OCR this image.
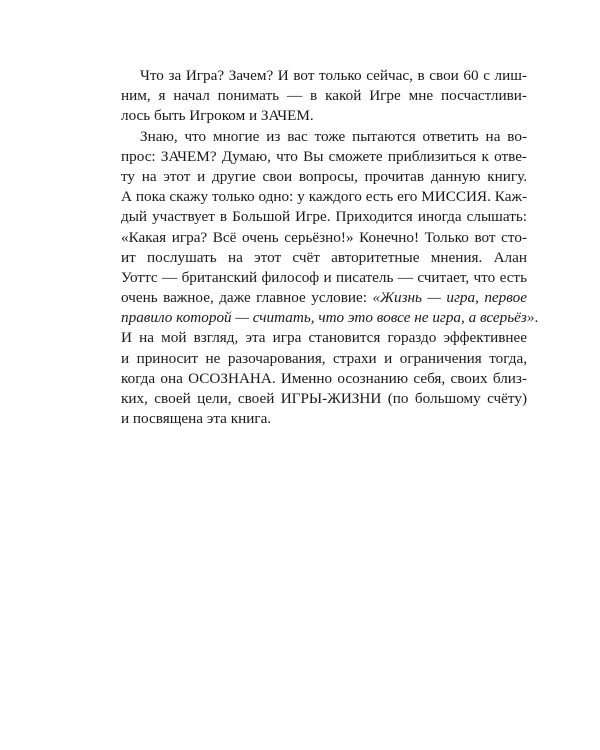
Что за Игра? Зачем? И вот только сейчас, в свои 60 с лиш-
ним, я начал понимать — в какой Игре мне посчастливи-
лось быть Игроком и ЗАЧЕМ.
Знаю, что многие из вас тоже пытаются ответить на во-
прос: ЗАЧЕМ? Думаю, что Вы сможете приблизиться к отве-
ту на этот и другие свои вопросы, прочитав данную книгу.
А пока скажу только одно: у каждого есть его МИССИЯ. Каж-
дый участвует в Большой Игре. Приходится иногда слышать:
«Какая игра? Всё очень серьёзно!» Конечно! Только вот сто-
ит послушать на этот счёт авторитетные мнения. Алан
Уоттс — британский философ и писатель — считает, что есть
очень важное, даже главное условие: «Жизнь — игра, первое
правило которой — считать, что это вовсе не игра, а всерьёз».
И на мой взгляд, эта игра становится гораздо эффективнее
и приносит не разочарования, страхи и ограничения тогда,
когда она ОСОЗНАНА. Именно осознанию себя, своих близ-
ких, своей цели, своей ИГРЫ-ЖИЗНИ (по большому счёту)
и посвящена эта книга.
